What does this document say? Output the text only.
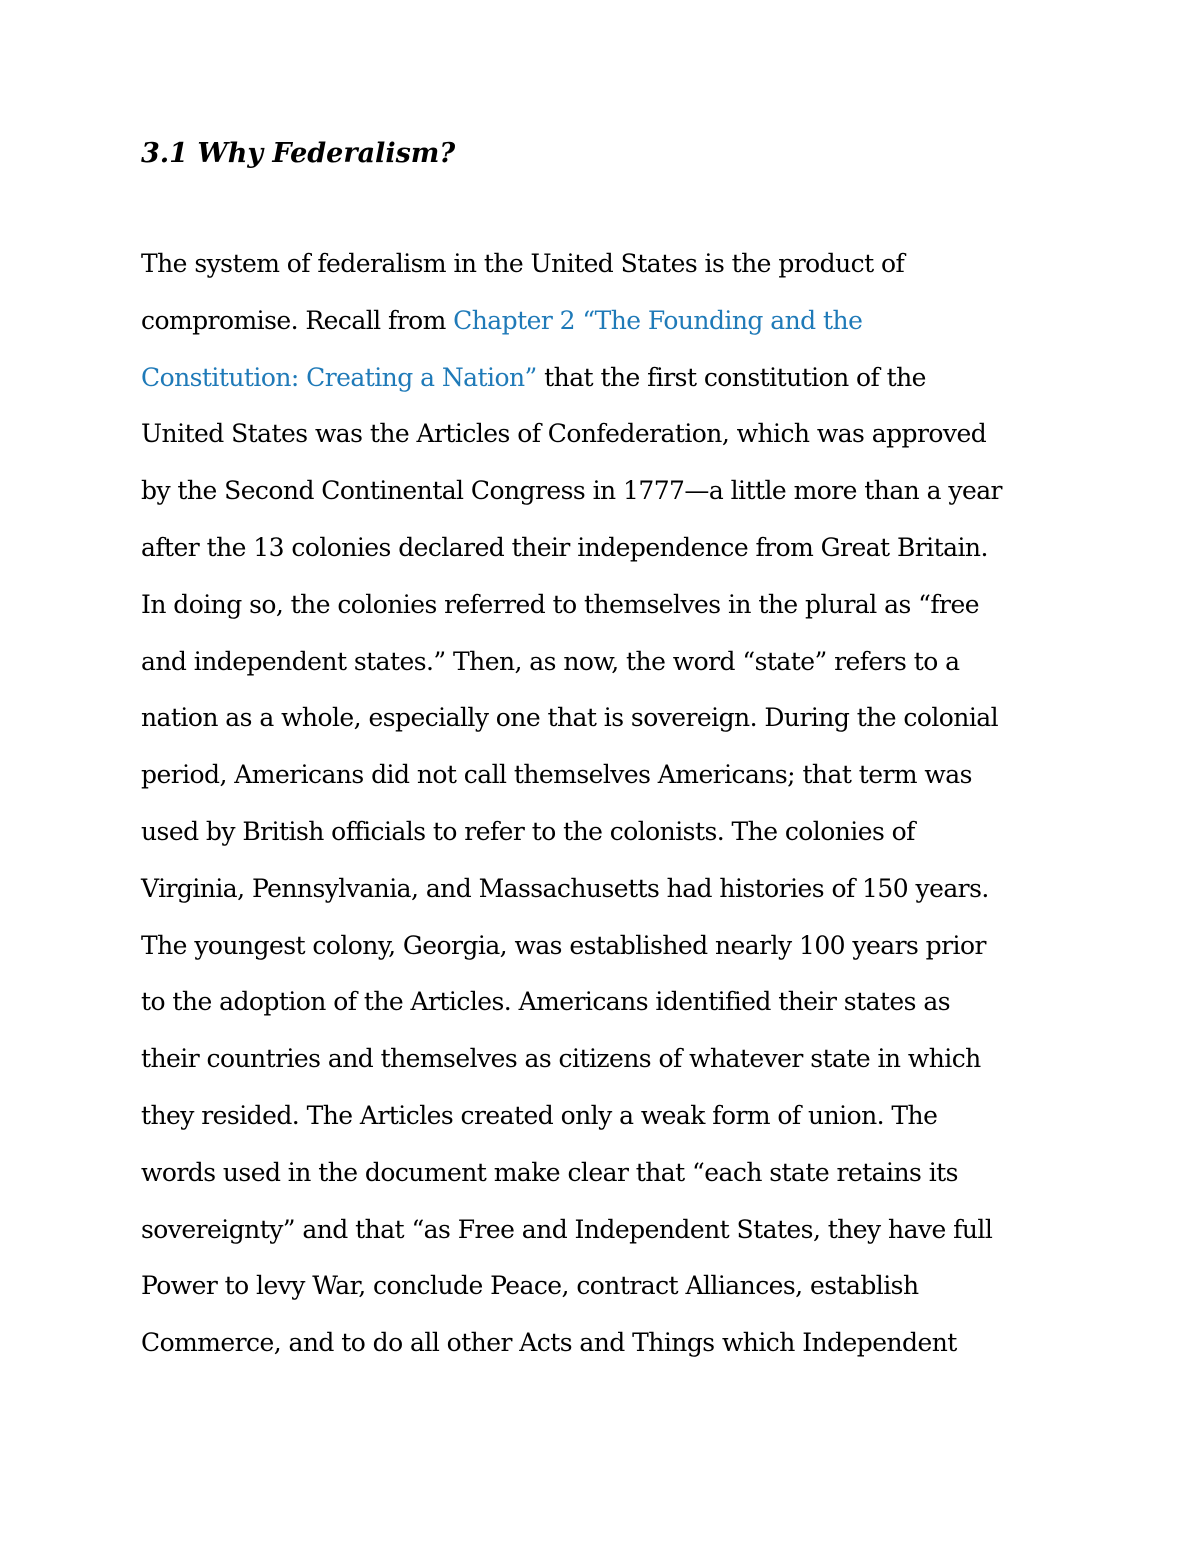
3.1 Why Federalism?
The system of federalism in the United States is the product of
compromise. Recall from Chapter 2 “The Founding and the
Constitution: Creating a Nation” that the first constitution of the
United States was the Articles of Confederation, which was approved
by the Second Continental Congress in 1777—a little more than a year
after the 13 colonies declared their independence from Great Britain.
In doing so, the colonies referred to themselves in the plural as “free
and independent states.” Then, as now, the word “state” refers to a
nation as a whole, especially one that is sovereign. During the colonial
period, Americans did not call themselves Americans; that term was
used by British officials to refer to the colonists. The colonies of
Virginia, Pennsylvania, and Massachusetts had histories of 150 years.
The youngest colony, Georgia, was established nearly 100 years prior
to the adoption of the Articles. Americans identified their states as
their countries and themselves as citizens of whatever state in which
they resided. The Articles created only a weak form of union. The
words used in the document make clear that “each state retains its
sovereignty” and that “as Free and Independent States, they have full
Power to levy War, conclude Peace, contract Alliances, establish
Commerce, and to do all other Acts and Things which Independent
